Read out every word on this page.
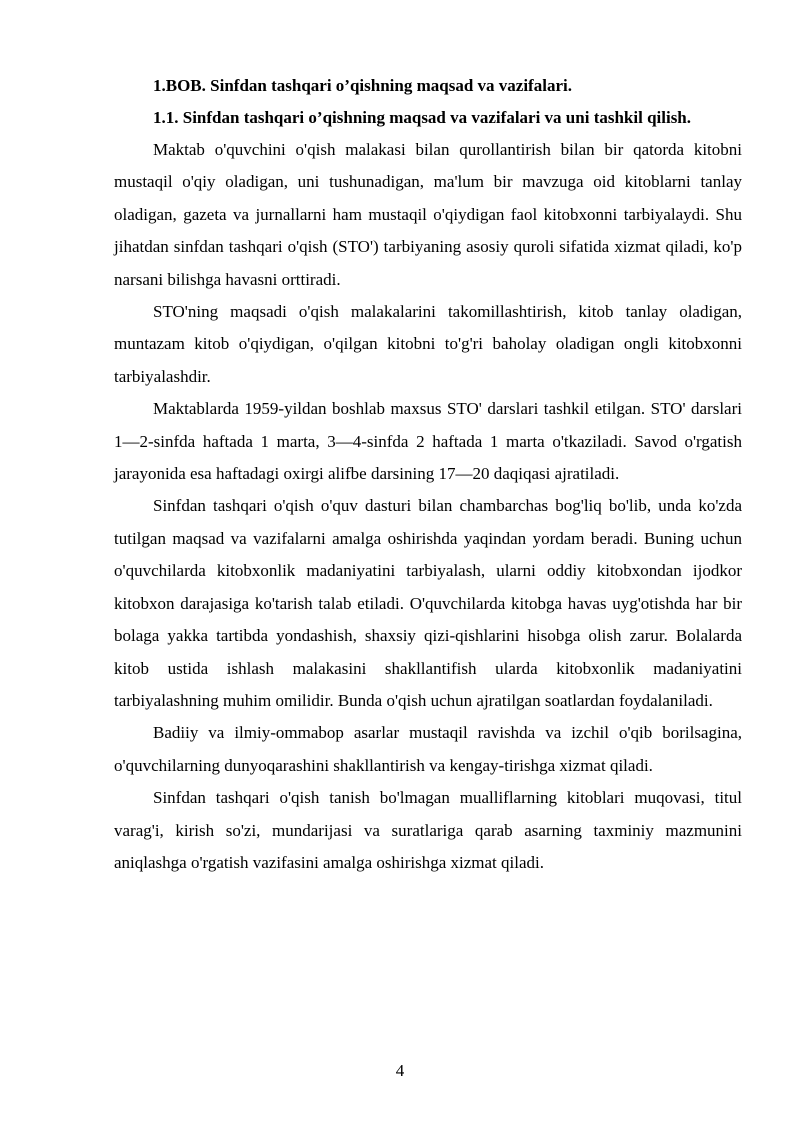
1.BOB. Sinfdan tashqari o’qishning maqsad va vazifalari.

1.1. Sinfdan tashqari o’qishning maqsad va vazifalari va uni tashkil qilish.

Maktab o'quvchini o'qish malakasi bilan qurollantirish bilan bir qatorda kitobni mustaqil o'qiy oladigan, uni tushunadigan, ma'lum bir mavzuga oid kitoblarni tanlay oladigan, gazeta va jurnallarni ham mustaqil o'qiydigan faol kitobxonni tarbiyalaydi. Shu jihatdan sinfdan tashqari o'qish (STO') tarbiyaning asosiy quroli sifatida xizmat qiladi, ko'p narsani bilishga havasni orttiradi.

STO'ning maqsadi o'qish malakalarini takomillashtirish, kitob tanlay oladigan, muntazam kitob o'qiydigan, o'qilgan kitobni to'g'ri baholay oladigan ongli kitobxonni tarbiyalashdir.

Maktablarda 1959-yildan boshlab maxsus STO' darslari tashkil etilgan. STO' darslari 1—2-sinfda haftada 1 marta, 3—4-sinfda 2 haftada 1 marta o'tkaziladi. Savod o'rgatish jarayonida esa haftadagi oxirgi alifbe darsining 17—20 daqiqasi ajratiladi.

Sinfdan tashqari o'qish o'quv dasturi bilan chambarchas bog'liq bo'lib, unda ko'zda tutilgan maqsad va vazifalarni amalga oshirishda yaqindan yordam beradi. Buning uchun o'quvchilarda kitobxonlik madaniyatini tarbiyalash, ularni oddiy kitobxondan ijodkor kitobxon darajasiga ko'tarish talab etiladi. O'quvchilarda kitobga havas uyg'otishda har bir bolaga yakka tartibda yondashish, shaxsiy qizi-qishlarini hisobga olish zarur. Bolalarda kitob ustida ishlash malakasini shakllantifish ularda kitobxonlik madaniyatini tarbiyalashning muhim omilidir. Bunda o'qish uchun ajratilgan soatlardan foydalaniladi.

Badiiy va ilmiy-ommabop asarlar mustaqil ravishda va izchil o'qib borilsagina, o'quvchilarning dunyoqarashini shakllantirish va kengay-tirishga xizmat qiladi.

Sinfdan tashqari o'qish tanish bo'lmagan mualliflarning kitoblari muqovasi, titul varag'i, kirish so'zi, mundarijasi va suratlariga qarab asarning taxminiy mazmunini aniqlashga o'rgatish vazifasini amalga oshirishga xizmat qiladi.

4
